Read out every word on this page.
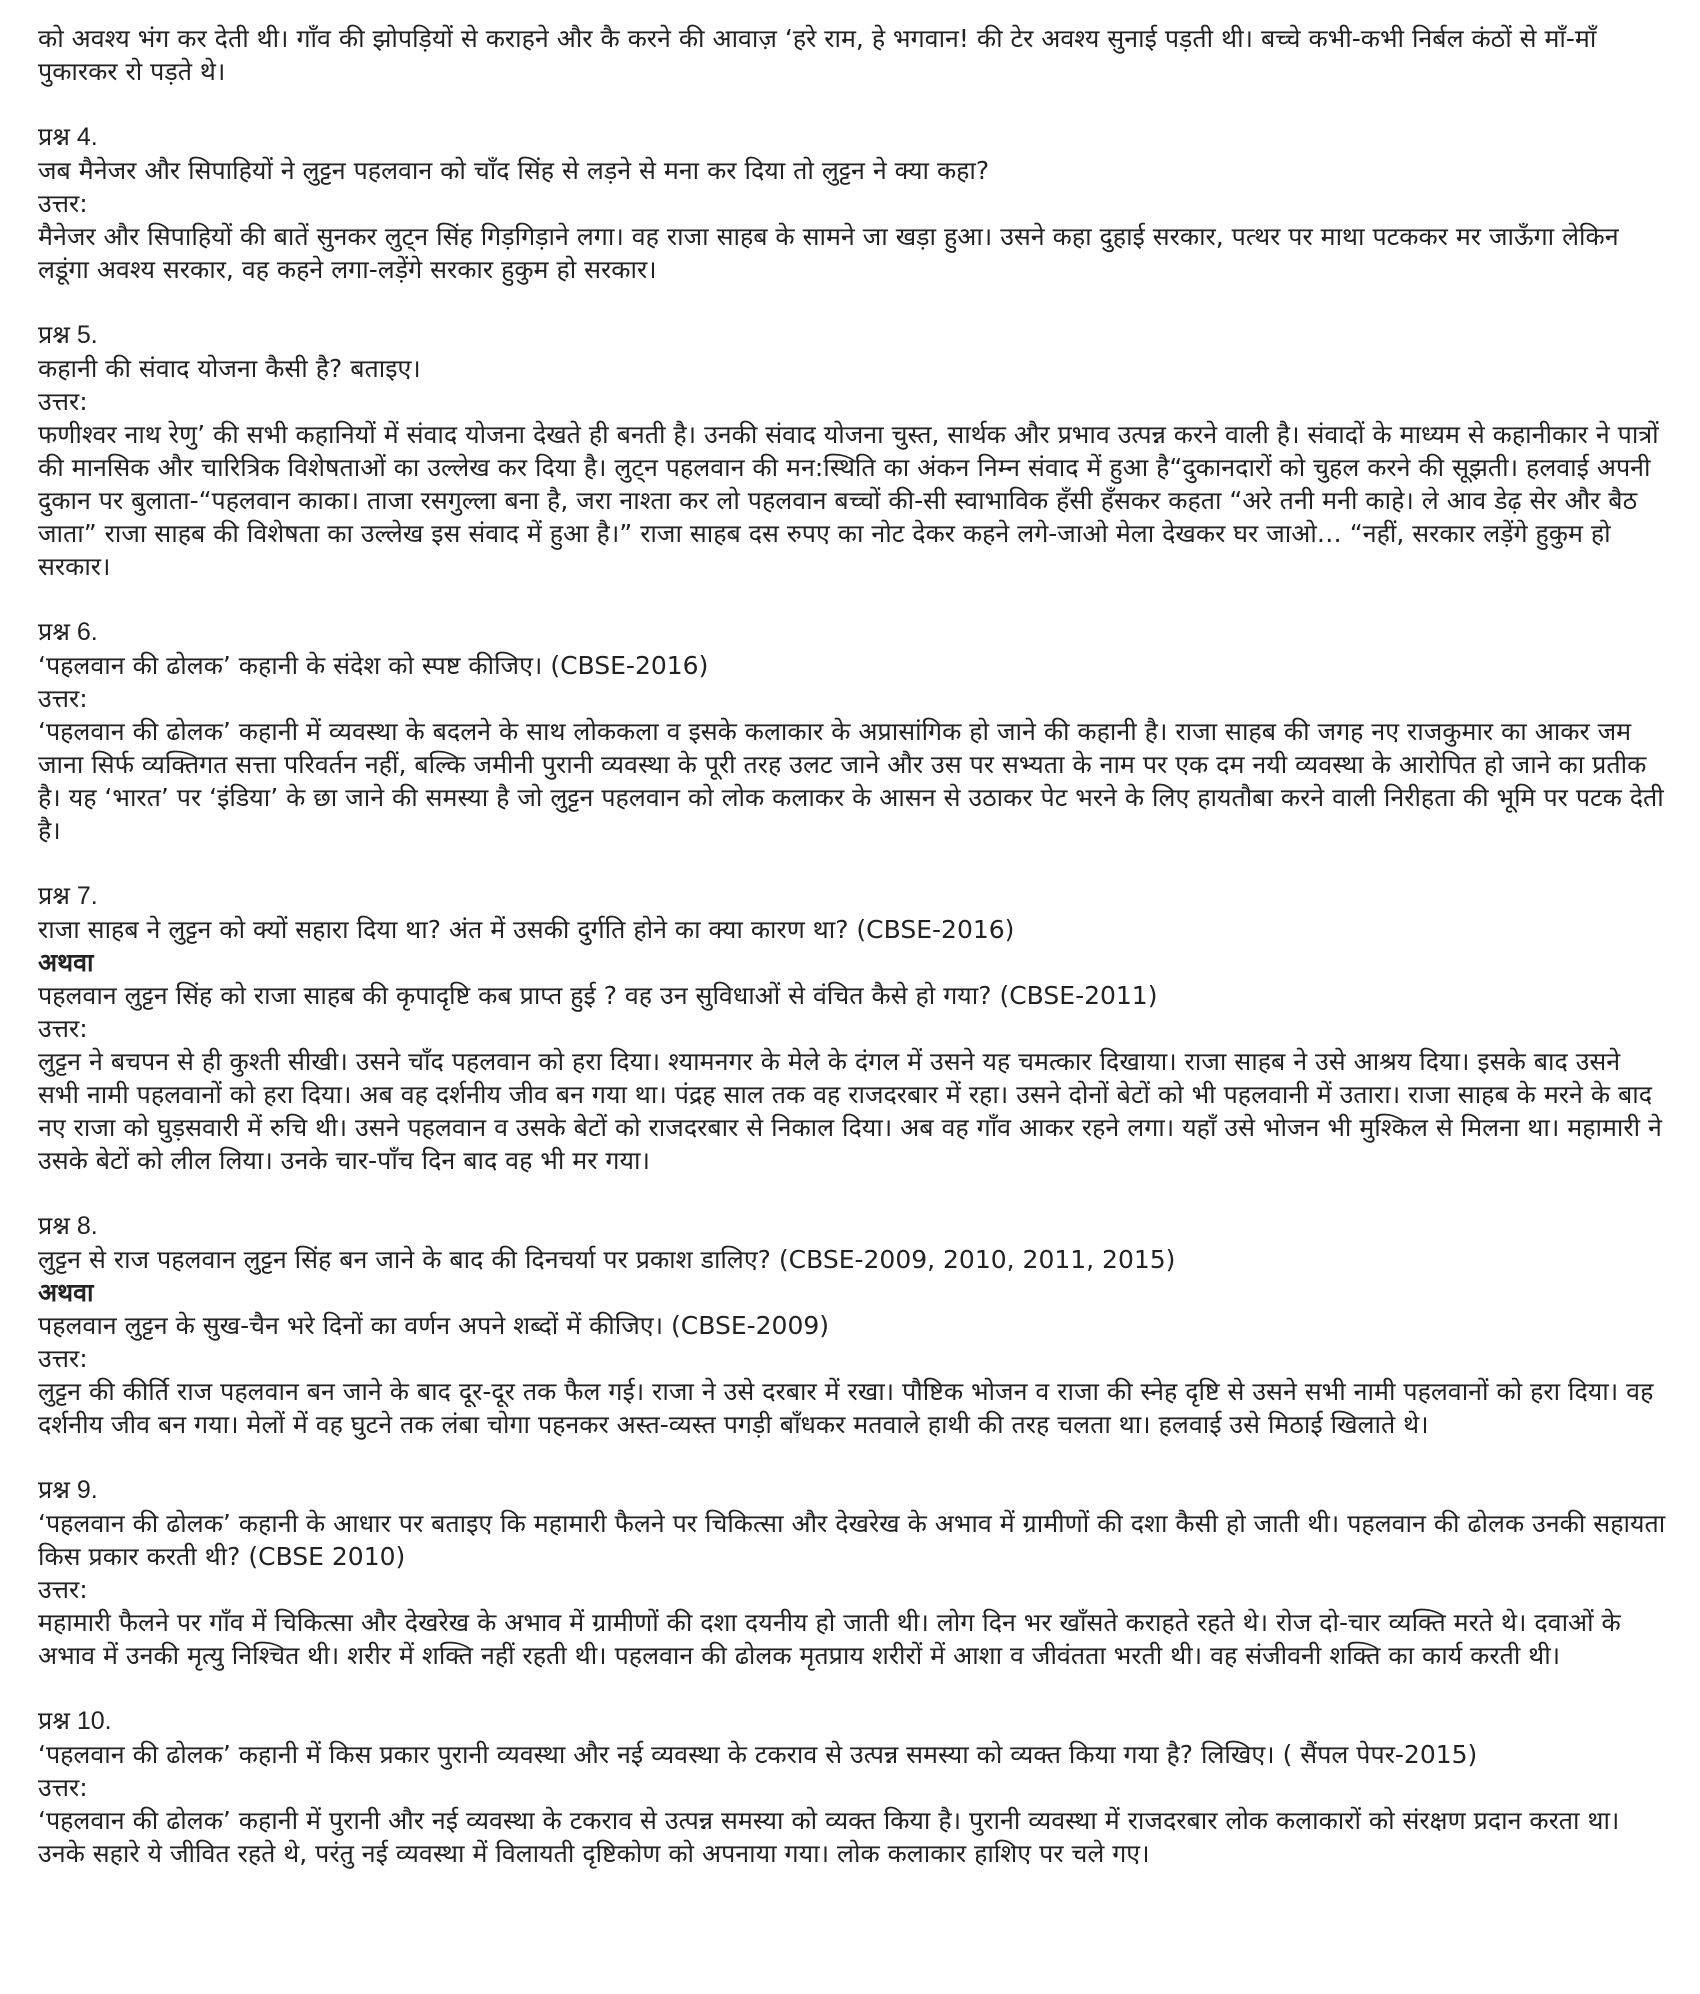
को अवश्य भंग कर देती थी। गाँव की झोपड़ियों से कराहने और कै करने की आवाज़ ‘हरे राम, हे भगवान! की टेर अवश्य सुनाई पड़ती थी। बच्चे कभी-कभी निर्बल कंठों से माँ-माँ पुकारकर रो पड़ते थे।

प्रश्न 4.

जब मैनेजर और सिपाहियों ने लुट्टन पहलवान को चाँद सिंह से लड़ने से मना कर दिया तो लुट्टन ने क्या कहा?

उत्तर:

मैनेजर और सिपाहियों की बातें सुनकर लुट्न सिंह गिड़गिड़ाने लगा। वह राजा साहब के सामने जा खड़ा हुआ। उसने कहा दुहाई सरकार, पत्थर पर माथा पटककर मर जाऊँगा लेकिन लडूंगा अवश्य सरकार, वह कहने लगा-लड़ेंगे सरकार हुकुम हो सरकार।

प्रश्न 5.

कहानी की संवाद योजना कैसी है? बताइए।

उत्तर:

फणीश्वर नाथ रेणु’ की सभी कहानियों में संवाद योजना देखते ही बनती है। उनकी संवाद योजना चुस्त, सार्थक और प्रभाव उत्पन्न करने वाली है। संवादों के माध्यम से कहानीकार ने पात्रों की मानसिक और चारित्रिक विशेषताओं का उल्लेख कर दिया है। लुट्न पहलवान की मन:स्थिति का अंकन निम्न संवाद में हुआ है“दुकानदारों को चुहल करने की सूझती। हलवाई अपनी दुकान पर बुलाता-“पहलवान काका। ताजा रसगुल्ला बना है, जरा नाश्ता कर लो पहलवान बच्चों की-सी स्वाभाविक हँसी हँसकर कहता “अरे तनी मनी काहे। ले आव डेढ़ सेर और बैठ जाता” राजा साहब की विशेषता का उल्लेख इस संवाद में हुआ है।” राजा साहब दस रुपए का नोट देकर कहने लगे-जाओ मेला देखकर घर जाओ… “नहीं, सरकार लड़ेंगे हुकुम हो सरकार।

प्रश्न 6.

‘पहलवान की ढोलक’ कहानी के संदेश को स्पष्ट कीजिए। (CBSE-2016)

उत्तर:

‘पहलवान की ढोलक’ कहानी में व्यवस्था के बदलने के साथ लोककला व इसके कलाकार के अप्रासांगिक हो जाने की कहानी है। राजा साहब की जगह नए राजकुमार का आकर जम जाना सिर्फ व्यक्तिगत सत्ता परिवर्तन नहीं, बल्कि जमीनी पुरानी व्यवस्था के पूरी तरह उलट जाने और उस पर सभ्यता के नाम पर एक दम नयी व्यवस्था के आरोपित हो जाने का प्रतीक है। यह ‘भारत’ पर ‘इंडिया’ के छा जाने की समस्या है जो लुट्टन पहलवान को लोक कलाकर के आसन से उठाकर पेट भरने के लिए हायतौबा करने वाली निरीहता की भूमि पर पटक देती है।

प्रश्न 7.

राजा साहब ने लुट्टन को क्यों सहारा दिया था? अंत में उसकी दुर्गति होने का क्या कारण था? (CBSE-2016)

अथवा

पहलवान लुट्टन सिंह को राजा साहब की कृपादृष्टि कब प्राप्त हुई ? वह उन सुविधाओं से वंचित कैसे हो गया? (CBSE-2011)

उत्तर:

लुट्टन ने बचपन से ही कुश्ती सीखी। उसने चाँद पहलवान को हरा दिया। श्यामनगर के मेले के दंगल में उसने यह चमत्कार दिखाया। राजा साहब ने उसे आश्रय दिया। इसके बाद उसने सभी नामी पहलवानों को हरा दिया। अब वह दर्शनीय जीव बन गया था। पंद्रह साल तक वह राजदरबार में रहा। उसने दोनों बेटों को भी पहलवानी में उतारा। राजा साहब के मरने के बाद नए राजा को घुड़सवारी में रुचि थी। उसने पहलवान व उसके बेटों को राजदरबार से निकाल दिया। अब वह गाँव आकर रहने लगा। यहाँ उसे भोजन भी मुश्किल से मिलना था। महामारी ने उसके बेटों को लील लिया। उनके चार-पाँच दिन बाद वह भी मर गया।

प्रश्न 8.

लुट्टन से राज पहलवान लुट्टन सिंह बन जाने के बाद की दिनचर्या पर प्रकाश डालिए? (CBSE-2009, 2010, 2011, 2015)

अथवा

पहलवान लुट्टन के सुख-चैन भरे दिनों का वर्णन अपने शब्दों में कीजिए। (CBSE-2009)

उत्तर:

लुट्टन की कीर्ति राज पहलवान बन जाने के बाद दूर-दूर तक फैल गई। राजा ने उसे दरबार में रखा। पौष्टिक भोजन व राजा की स्नेह दृष्टि से उसने सभी नामी पहलवानों को हरा दिया। वह दर्शनीय जीव बन गया। मेलों में वह घुटने तक लंबा चोगा पहनकर अस्त-व्यस्त पगड़ी बाँधकर मतवाले हाथी की तरह चलता था। हलवाई उसे मिठाई खिलाते थे।

प्रश्न 9.

‘पहलवान की ढोलक’ कहानी के आधार पर बताइए कि महामारी फैलने पर चिकित्सा और देखरेख के अभाव में ग्रामीणों की दशा कैसी हो जाती थी। पहलवान की ढोलक उनकी सहायता किस प्रकार करती थी? (CBSE 2010)

उत्तर:

महामारी फैलने पर गाँव में चिकित्सा और देखरेख के अभाव में ग्रामीणों की दशा दयनीय हो जाती थी। लोग दिन भर खाँसते कराहते रहते थे। रोज दो-चार व्यक्ति मरते थे। दवाओं के अभाव में उनकी मृत्यु निश्चित थी। शरीर में शक्ति नहीं रहती थी। पहलवान की ढोलक मृतप्राय शरीरों में आशा व जीवंतता भरती थी। वह संजीवनी शक्ति का कार्य करती थी।

प्रश्न 10.

‘पहलवान की ढोलक’ कहानी में किस प्रकार पुरानी व्यवस्था और नई व्यवस्था के टकराव से उत्पन्न समस्या को व्यक्त किया गया है? लिखिए। ( सैंपल पेपर-2015)

उत्तर:

‘पहलवान की ढोलक’ कहानी में पुरानी और नई व्यवस्था के टकराव से उत्पन्न समस्या को व्यक्त किया है। पुरानी व्यवस्था में राजदरबार लोक कलाकारों को संरक्षण प्रदान करता था। उनके सहारे ये जीवित रहते थे, परंतु नई व्यवस्था में विलायती दृष्टिकोण को अपनाया गया। लोक कलाकार हाशिए पर चले गए।
